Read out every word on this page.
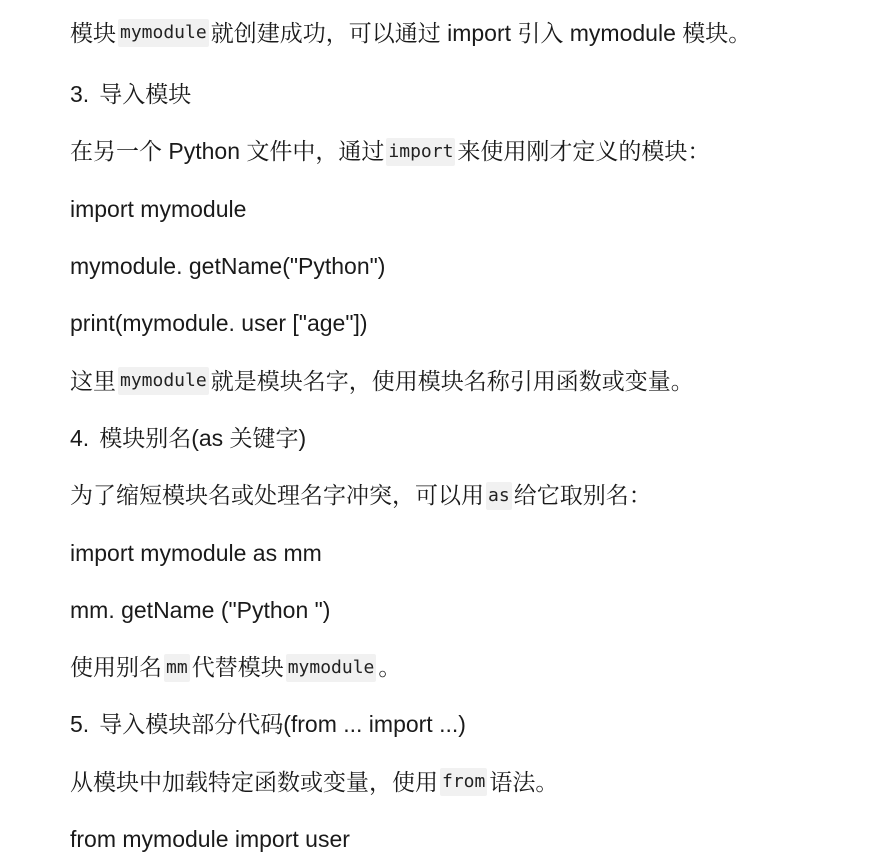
模块 mymodule 就创建成功，可以通过 import 引入 mymodule 模块。
3. 导入模块
在另一个 Python 文件中，通过 import 来使用刚才定义的模块：
import mymodule
mymodule. getName("Python")
print(mymodule. user ["age"])
这里 mymodule 就是模块名字，使用模块名称引用函数或变量。
4. 模块别名(as 关键字)
为了缩短模块名或处理名字冲突，可以用 as 给它取别名：
import mymodule as mm
mm. getName ("Python ")
使用别名 mm 代替模块 mymodule 。
5. 导入模块部分代码(from ... import ...)
从模块中加载特定函数或变量，使用 from 语法。
from mymodule import user
